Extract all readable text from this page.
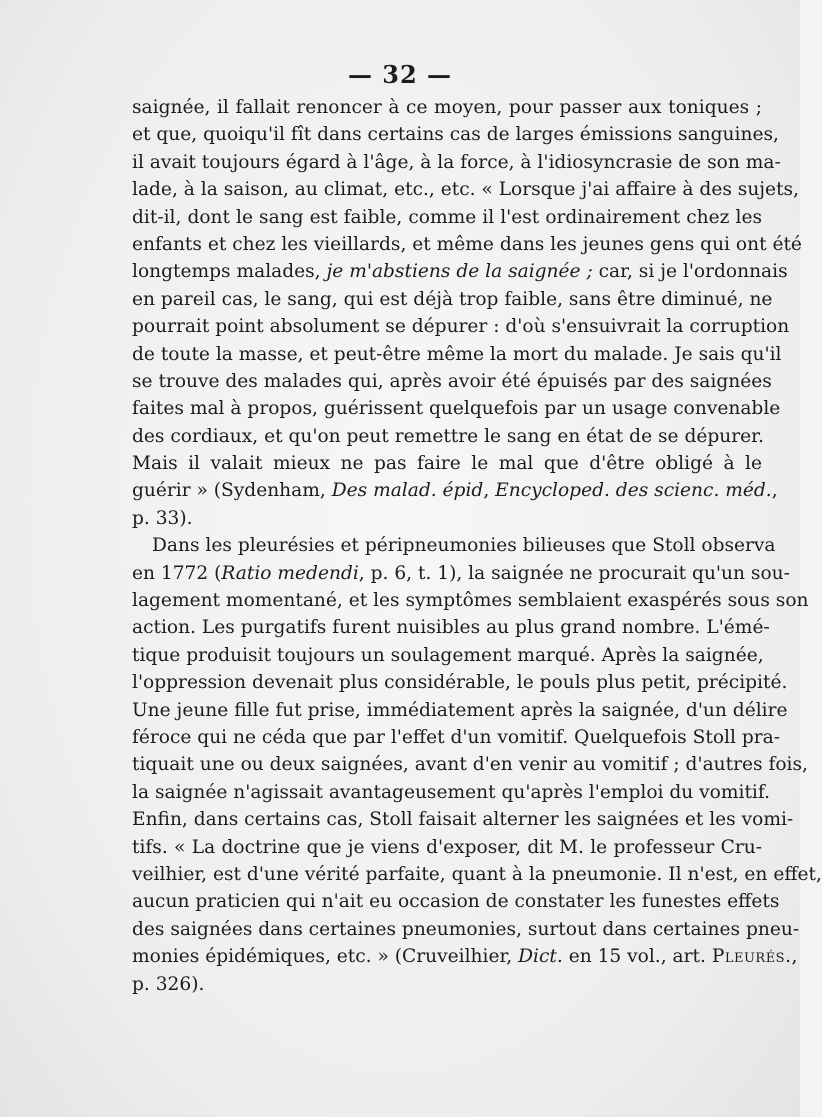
— 32 —
saignée, il fallait renoncer à ce moyen, pour passer aux toniques ;
et que, quoiqu'il fît dans certains cas de larges émissions sanguines,
il avait toujours égard à l'âge, à la force, à l'idiosyncrasie de son ma-
lade, à la saison, au climat, etc., etc. « Lorsque j'ai affaire à des sujets,
dit-il, dont le sang est faible, comme il l'est ordinairement chez les
enfants et chez les vieillards, et même dans les jeunes gens qui ont été
longtemps malades, je m'abstiens de la saignée ; car, si je l'ordonnais
en pareil cas, le sang, qui est déjà trop faible, sans être diminué, ne
pourrait point absolument se dépurer : d'où s'ensuivrait la corruption
de toute la masse, et peut-être même la mort du malade. Je sais qu'il
se trouve des malades qui, après avoir été épuisés par des saignées
faites mal à propos, guérissent quelquefois par un usage convenable
des cordiaux, et qu'on peut remettre le sang en état de se dépurer.
Mais il valait mieux ne pas faire le mal que d'être obligé à le
guérir » (Sydenham, Des malad. épid, Encycloped. des scienc. méd.,
p. 33).
Dans les pleurésies et péripneumonies bilieuses que Stoll observa
en 1772 (Ratio medendi, p. 6, t. 1), la saignée ne procurait qu'un sou-
lagement momentané, et les symptômes semblaient exaspérés sous son
action. Les purgatifs furent nuisibles au plus grand nombre. L'émé-
tique produisit toujours un soulagement marqué. Après la saignée,
l'oppression devenait plus considérable, le pouls plus petit, précipité.
Une jeune fille fut prise, immédiatement après la saignée, d'un délire
féroce qui ne céda que par l'effet d'un vomitif. Quelquefois Stoll pra-
tiquait une ou deux saignées, avant d'en venir au vomitif ; d'autres fois,
la saignée n'agissait avantageusement qu'après l'emploi du vomitif.
Enfin, dans certains cas, Stoll faisait alterner les saignées et les vomi-
tifs. « La doctrine que je viens d'exposer, dit M. le professeur Cru-
veilhier, est d'une vérité parfaite, quant à la pneumonie. Il n'est, en effet,
aucun praticien qui n'ait eu occasion de constater les funestes effets
des saignées dans certaines pneumonies, surtout dans certaines pneu-
monies épidémiques, etc. » (Cruveilhier, Dict. en 15 vol., art. Pleurés.,
p. 326).
